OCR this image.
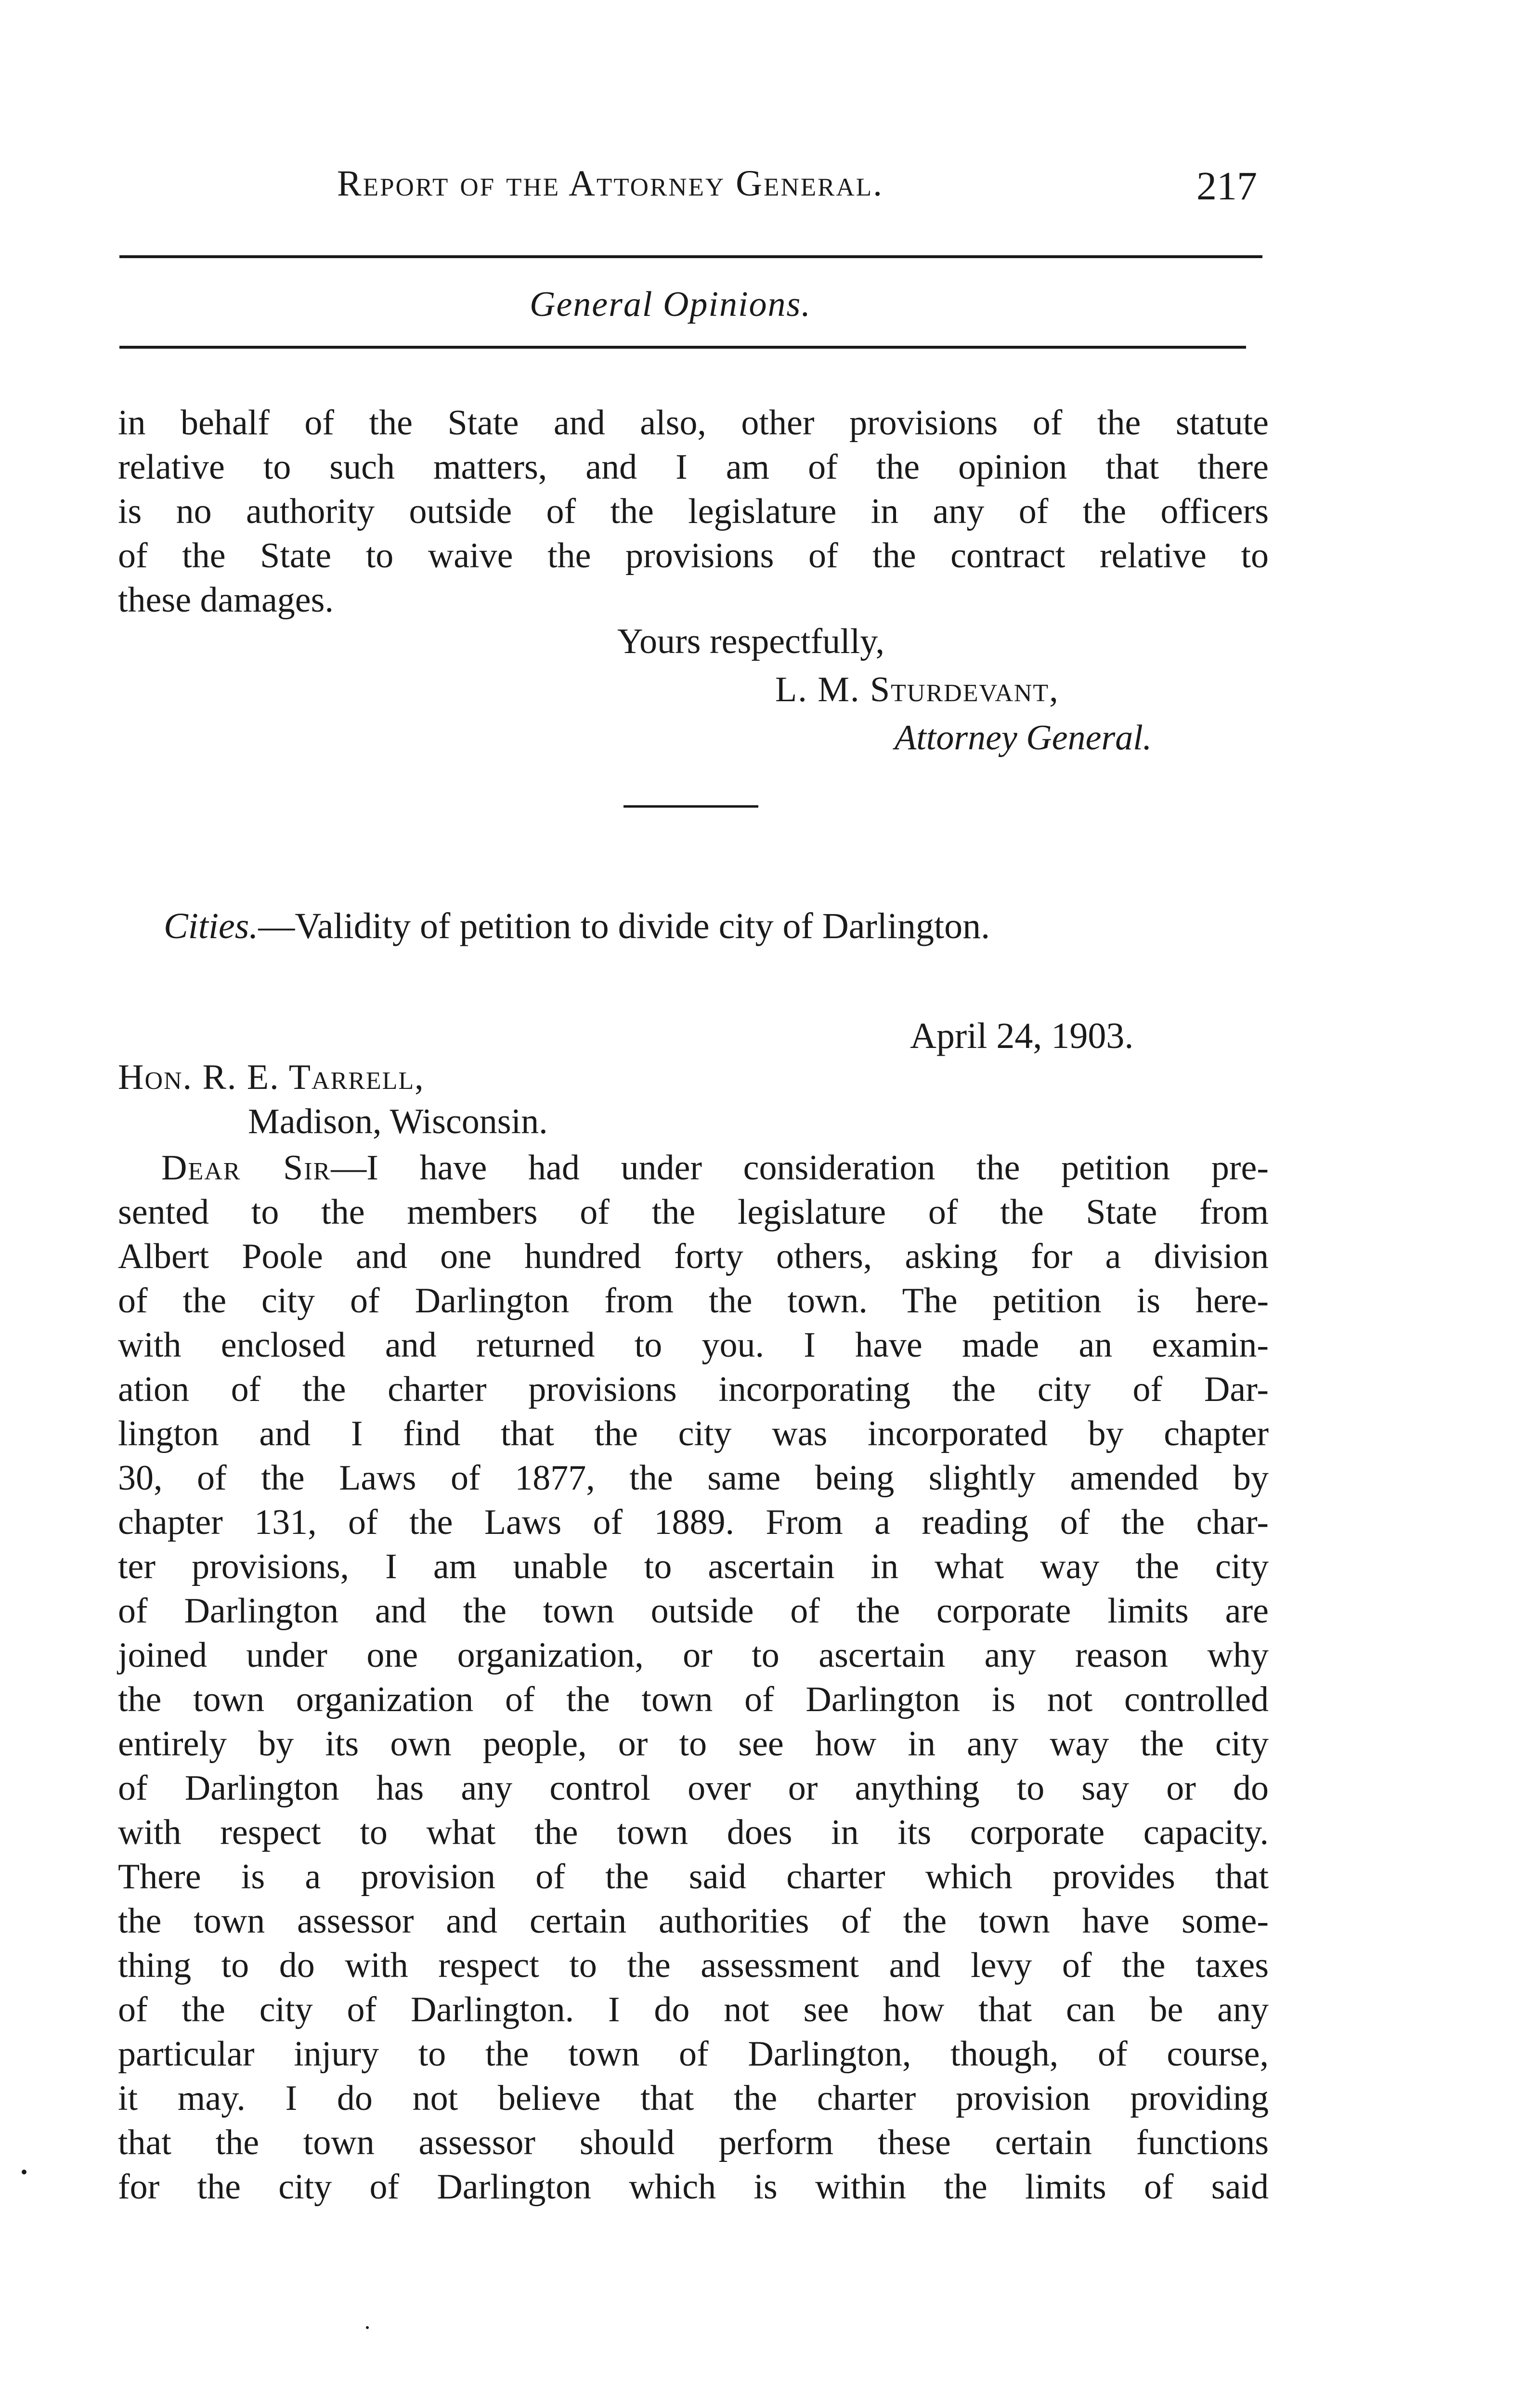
Report of the Attorney General.	217
General Opinions.
in behalf of the State and also, other provisions of the statute
relative to such matters, and I am of the opinion that there
is no authority outside of the legislature in any of the officers
of the State to waive the provisions of the contract relative to
these damages.
Yours respectfully,
L. M. Sturdevant,
Attorney General.
Cities.—Validity of petition to divide city of Darlington.
April 24, 1903.
Hon. R. E. Tarrell,
Madison, Wisconsin.
Dear Sir—I have had under consideration the petition pre-
sented to the members of the legislature of the State from
Albert Poole and one hundred forty others, asking for a division
of the city of Darlington from the town. The petition is here-
with enclosed and returned to you. I have made an examin-
ation of the charter provisions incorporating the city of Dar-
lington and I find that the city was incorporated by chapter
30, of the Laws of 1877, the same being slightly amended by
chapter 131, of the Laws of 1889. From a reading of the char-
ter provisions, I am unable to ascertain in what way the city
of Darlington and the town outside of the corporate limits are
joined under one organization, or to ascertain any reason why
the town organization of the town of Darlington is not controlled
entirely by its own people, or to see how in any way the city
of Darlington has any control over or anything to say or do
with respect to what the town does in its corporate capacity.
There is a provision of the said charter which provides that
the town assessor and certain authorities of the town have some-
thing to do with respect to the assessment and levy of the taxes
of the city of Darlington. I do not see how that can be any
particular injury to the town of Darlington, though, of course,
it may. I do not believe that the charter provision providing
that the town assessor should perform these certain functions
for the city of Darlington which is within the limits of said
